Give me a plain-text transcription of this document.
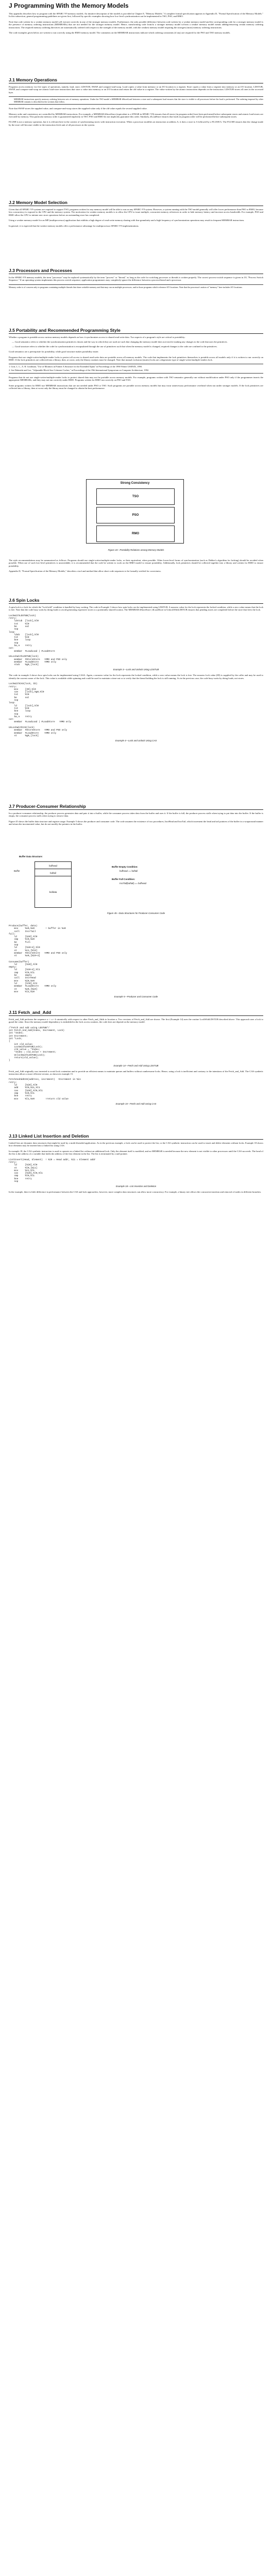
J Programming With the Memory Models

This appendix describes how to program with the SPARC-V9 memory models. An intuitive description of the models is provided in Chapter 8, "Memory Models." A complete formal specification appears in Appendix D, "Formal Specification of the Memory Models." In this subsection, general programming guidelines are given first, followed by specific examples showing how low-level synchronization can be implemented in TSO, PSO, and RMO.

Note that code written for a weaker memory model will execute correctly in any of the stronger memory models. Furthermore, the only possible difference between code written for a weaker memory model and the corresponding code for a stronger memory model is the presence of memory ordering instructions (MEMBARs) that are not needed for the stronger memory model. Hence, transforming code from/to a stronger memory model to/from a weaker memory model means adding/removing certain memory ordering instructions. The required memory ordering directives are automatically ordered with respect to the strength of the memory model, with the weakest memory model requiring the strongest (most) memory ordering instructions.

The code examples given below are written to run correctly using the RMO memory model. The comments on the MEMBAR instructions indicate which ordering constraints (if any) are required for the PSO and TSO memory models.

J.1 Memory Operations

Programs access memory via five types of operations, namely, load, store, LDSTUB, SWAP, and compare-and-swap. Load copies a value from memory or an I/O location to a register. Store copies a value from a register into memory or an I/O location. LDSTUB, SWAP, and compare-and-swap are atomic load-store instructions that store a value into memory or an I/O location and return the old value in a register. The value written by the atomic instructions depends on the instruction. LDSTUB stores all ones in the accessed byte.

MEMBAR instructions specify memory ordering between sets of memory operations. Under the TSO model a MEMBAR #StoreLoad between a store and a subsequent load ensures that the store is visible to all processors before the load is performed. The ordering imposed by other MEMBAR variants is described in the sections that follow.

Note that SWAP stores the supplied value, and compare-and-swap stores the supplied value only if the old value equals the second supplied value.

Memory order and consistency are controlled by MEMBAR instructions. For example, a MEMBAR #StoreStore (equivalent to a STBAR in SPARC-V8) ensures that all stores (in program order) have been performed before subsequent stores and atomic load-stores are executed by memory. This particular memory order is guaranteed implicitly in TSO. PSO and RMO do not implicitly guarantee this order. Similarly, #LoadStore ensures that loads in program order will be performed before subsequent stores.

FLUSH is not a memory operation, but it is relevant here in the context of synchronizing stores with instruction execution. When a processor modifies an instruction at address A, it does a store to A followed by a FLUSH A. The FLUSH ensures that the change made by the store will become visible to the instruction fetch unit of all processors in the system.

J.2 Memory Model Selection

Given that all SPARC-V9 systems are required to support TSO, programs written for any memory model will be able to run on any SPARC-V9 system. However, a system running with the TSO model generally will offer lower performance than PSO or RMO, because less concurrency is exposed to the CPU and the memory system. The motivation for weaker memory models is to allow the CPU to issue multiple, concurrent memory references in order to hide memory latency and increase access bandwidth. For example, PSO and RMO allow the CPU to initiate new store operations before an outstanding store has completed.

Using a weaker memory model for an MP (multiprocessor) application that exhibits a high degree of read-write memory sharing with fine granularity and a high frequency of synchronization operations may result in frequent MEMBAR instructions.

In general, it is expected that the weaker memory models offer a performance advantage for multiprocessor SPARC-V9 implementations.

J.3 Processors and Processes

In the SPARC-V9 memory models, the term "processor" may be replaced systematically by the term "process" or "thread," as long as the code for switching processes or threads is written properly. The correct process-switch sequence is given in J.8, "Process Switch Sequence." If an operating system implements this process switch sequence, application programmers may completely ignore the difference between a process/thread and a processor.

Memory order is of concern only to programs containing multiple threads that share writable memory and that may run on multiple processors, and to those programs which reference I/O locations. Note that the processor's notion of "memory" here includes I/O locations.

J.5 Portability and Recommended Programming Style

Whether a program is portable across various memory models depends on how it synchronizes access to shared read-write data. Two aspects of a program's style are critical to portability:

— Good semantics refers to whether the synchronization primitives chosen and the way in which they are used are such that changing the memory model does not involve making any changes to the code that uses the primitives.

— Good structure refers to whether the code for synchronization is encapsulated through the use of primitives such that when the memory model is changed, required changes to the code are confined to the primitives.

Good semantics are a prerequisite for portability, while good structure makes portability easier.

Programs that use single-writer/multiple-reader locks to protect all access to shared read-write data are portable across all memory models. The code that implements the lock primitives themselves is portable across all models only if it is written to run correctly on RMO. If the lock primitives are collected into a library, then, at worst, only the library routines must be changed. Note that mutual exclusion (mutex) locks are a degenerate type of single-writer/multiple-readers lock.

1. Gott, L. L., A. R. Goodman, "Use of Monitors in Pointer A Structure for the Extended Alpha" in Proceedings of the 1990 Winter USENIX, 1990.

2. See Dubnicki and Lee, "Adjustable Block Size Coherent Caches," in Proceedings of the 19th International Symposium on Computer Architecture, 1992.

Programs that do not use single-writer/multiple-reader locks to protect shared data may not be portable across memory models. For example, programs written with TSO semantics generally run without modification under PSO only if the programmer inserts the appropriate MEMBARs, and they may not run correctly under RMO. Programs written for RMO run correctly on PSO and TSO.

Some programs written for RMO use MEMBAR instructions that are not needed under PSO or TSO. Such programs are portable across memory models but may incur unnecessary performance overhead when run under stronger models. If the lock primitives are collected into a library, then at worst only the library must be changed to obtain the best performance.

Strong Consistency
TSO
PSO
RMO
Figure 44—Portability Relations among Memory Models

The style recommendations may be summarized as follows: Programs should use single-writer/multiple-reader locks, or their equivalent, when possible. Other lower-level forms of synchronization (such as Dekker's algorithm for locking) should be avoided when possible. When use of such low-level primitives is unavoidable, it is recommended that the code be written to work on the RMO model to ensure portability. Additionally, lock primitives should be collected together into a library and written for RMO to ensure portability.

Appendix D, "Formal Specification of the Memory Models," describes a tool and method that allow short code sequences to be formally verified for correctness.

J.6 Spin Locks

A spin lock is a lock for which the "lock held" condition is handled by busy waiting. The code in Example 3 shows how spin locks can be implemented using LDSTUB. A nonzero value for the lock represents the locked condition, while a zero value means that the lock is free. Note that the code busy waits by doing loads to avoid generating expensive stores to a potentially shared location. The MEMBAR #StoreStore | #LoadStore in UnlockWithLDSTUB ensures that pending stores are completed before the store that frees the lock.

LockWithLDSTUB(lock)
retry:
ldstub  [lock],%l0
tst     %l0
be      out
nop
loop:
ldub    [lock],%l0
tst     %l0
bne     loop
nop
ba,a    retry
out:
membar  #LoadLoad | #LoadStore

UnLockWithLDSTUB(lock)
membar  #StoreStore   !RMO and PSO only
membar  #LoadStore    !RMO only
stub    %g0,[lock]
Example 3—Lock and Unlock Using LDSTUB

The code in example 4 shows how spin locks can be implemented using CASA. Again, a nonzero value for the lock represents the locked condition, while a zero value means the lock is free. The nonzero lock value (ID) is supplied by the caller and may be used to identify the current owner of the lock. This value is available while spinning and could be used to maintain a time-out or to verify that the thread holding the lock is still running. As in the previous case, the code busy-waits by doing loads, not stores.

LockWithCAS(lock, ID)
retry:
mov     [ID],%l0
cas     [lock],%g0,%l0
tst     %l0
be      out
nop
loop:
ld      [lock],%l0
tst     %l0
bne     loop
nop
ba,a    retry
out:
membar  #LoadLoad | #LoadStore   !RMO only

UnLockWithCAS(lock)
membar  #StoreStore   !RMO and PSO only
membar  #LoadStore    !RMO only
st      %g0,[lock]
Example 4—Lock and Unlock Using CAS
J.7 Producer-Consumer Relationship

In a producer-consumer relationship, the producer process generates data and puts it into a buffer, while the consumer process takes data from the buffer and uses it. If the buffer is full, the producer process stalls when trying to put data into the buffer. If the buffer is empty, the consumer process stalls when trying to remove data.

Figure 45 shows the buffer data structure and register usage. Example 5 shows the producer and consumer code. The code assumes the existence of two procedures, IncrHead and IncrTail, which increment the head and tail pointers of the buffer in a wraparound manner and return the incremented value, but do not modify the pointers in the buffer.

Buffer Data Structure:
bufhead
buftail
bufdata
Buffer
Buffer Empty Condition:
bufhead == buftail
Buffer Full Condition:
IncrTail(buftail) == bufhead
Figure 45—Data Structures for Producer-Consumer Code
Produce(buffer, data)
mov     %i0,%o0        ! buffer in %o0
call    IncrTail
full:
ld      [%i0],%l0
cmp     %l0,%o0
be      full
nop
ld      [%i0+4],%l0
st      %i1,[%l0]
membar  #StoreStore   !RMO and PSO only
st      %o0,[%i0+4]
Consume(buffer)
ld      [%i0],%l0
empty:
ld      [%i0+4],%l1
cmp     %l0,%l1
be      empty
call    IncrHead
mov     %i0,%o0
ld      [%l0],%l2
membar  #LoadStore    !RMO only
st      %o0,[%i0]
mov     %l2,%i0
Example 5—Producer and Consumer Code
J.11 Fetch_and_Add

Fetch_and_Add performs the sequence a <- a + b atomically with respect to other Fetch_and_Adds to location a. Two versions of Fetch_and_Add are shown. The first (Example 14) uses the routine LockWithLDSTUB described above. This approach uses a lock to guard the value. Since the memory model dependency is embedded in the lock access routines, the code does not depend on the memory model.

/*Fetch and Add using LDSTUB*/
int Fetch_And_Add(Index, Increment, Lock)
int *Index;
int Increment;
int *Lock;
{
int old_value;
LockWithLDSTUB(Lock);
old_value = *Index;
*Index = old_value + Increment;
UnlockWithLDSTUB(Lock);
return(old_value);
}
Example 14—Fetch and Add Using LDSTUB

Fetch_and_Add originally was invented to avoid lock contention and to provide an efficient means to maintain queues and buffers without cumbersome locks. Hence, using a lock is inefficient and contrary to the intentions of the Fetch_and_Add. The CAS synthetic instruction allows a more efficient version, as shown in example 15.

FetchAndAddCAS(address, increment)  !Increment in %i1
retry:
ld      [%i0],%l0
add     %l0,%i1,%l1
cas     [%i0],%l0,%l1
cmp     %l0,%l1
bne     retry
mov     %l1,%o0        !return old value
Example 15—Fetch and Add Using CAS
J.13 Linked List Insertion and Deletion

Linked lists are dynamic data structures that might be used by a multi-threaded application. As in the previous example, a lock can be used to protect the list, or the CAS synthetic instruction can be used to insert and delete elements without locks. Example 18 shows how elements may be inserted into a linked list using CAS.

In example 18, the CAS synthetic instruction is used to operate on a linked list without an additional lock. Only the element itself is modified, and no MEMBAR is needed because the new element is not visible to other processors until the CAS succeeds. The head of the list is the address of a variable that holds the address of the first element in the list. The list is terminated by a null pointer.

ListInsert(Head, Element)  ! %i0 = Head addr, %i1 = Element addr
retry:
ld      [%i0],%l0
st      %l0,[%i1]
mov     %i1,%l1
cas     [%i0],%l0,%l1
cmp     %l0,%l1
bne     retry
nop
Example 18—List Insertion and Deletion

In the example, there is little difference in performance between the CAS and lock approaches, however, more complex data structures can allow more concurrency. For example, a binary tree allows the concurrent insertion and removal of nodes in different branches.
